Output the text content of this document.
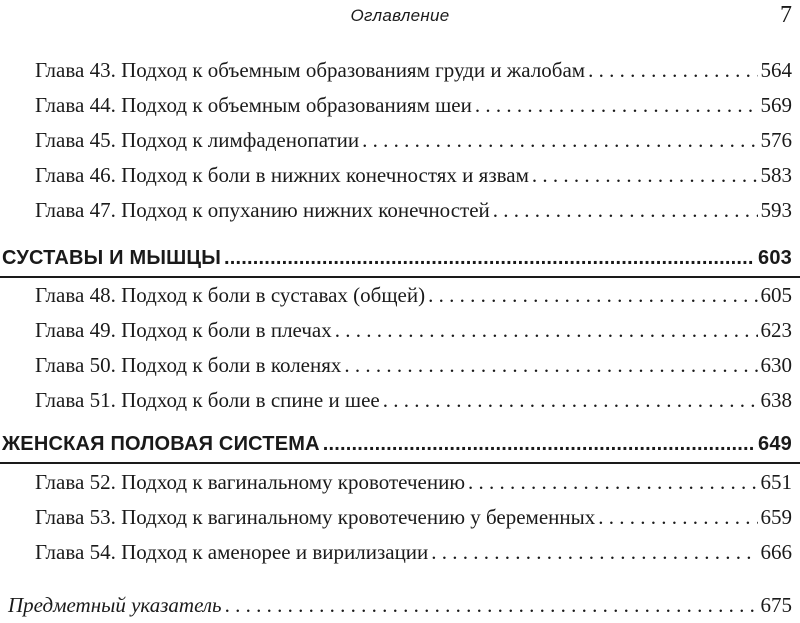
Оглавление	7
Глава 43. Подход к объемным образованиям груди и жалобам . . .	564
Глава 44. Подход к объемным образованиям шеи . . .	569
Глава 45. Подход к лимфаденопатии . . .	576
Глава 46. Подход к боли в нижних конечностях и язвам . . .	583
Глава 47. Подход к опуханию нижних конечностей . . .	593
СУСТАВЫ И МЫШЦЫ .....	603
Глава 48. Подход к боли в суставах (общей) . . .	605
Глава 49. Подход к боли в плечах . . .	623
Глава 50. Подход к боли в коленях . . .	630
Глава 51. Подход к боли в спине и шее . . .	638
ЖЕНСКАЯ ПОЛОВАЯ СИСТЕМА .....	649
Глава 52. Подход к вагинальному кровотечению . . .	651
Глава 53. Подход к вагинальному кровотечению у беременных . . .	659
Глава 54. Подход к аменорее и вирилизации . . .	666
Предметный указатель . . .	675
